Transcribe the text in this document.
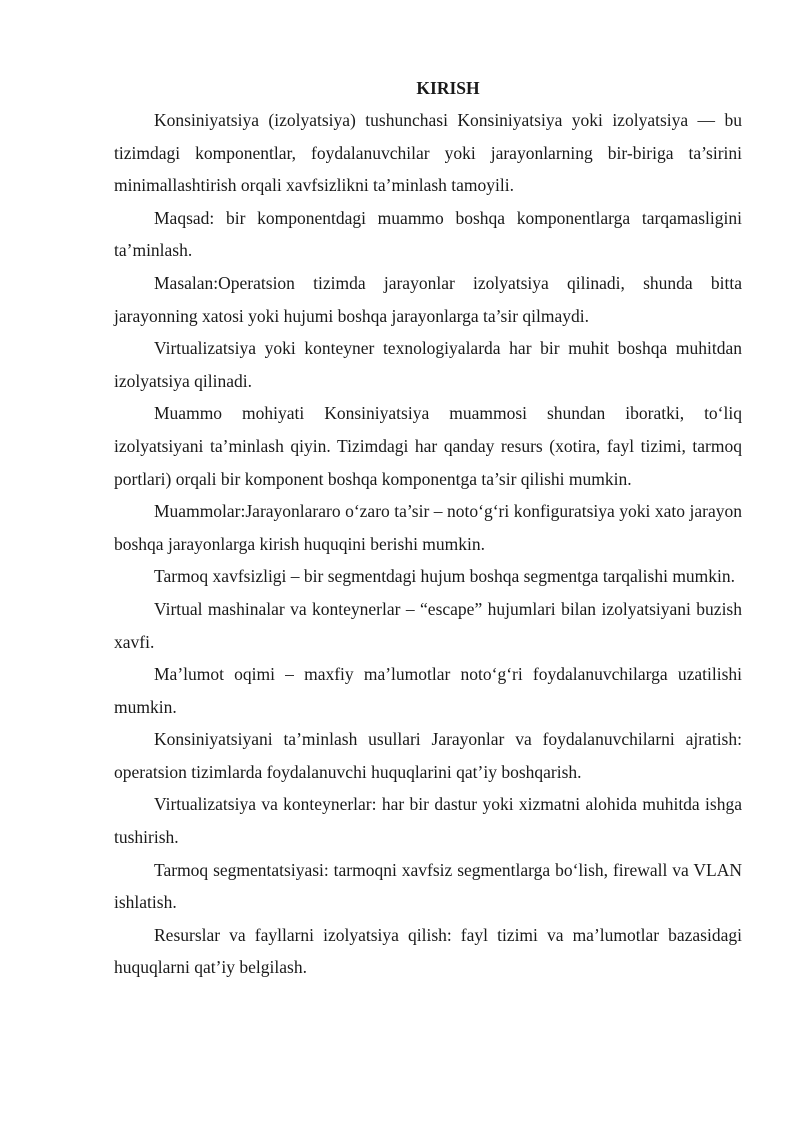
KIRISH

Konsiniyatsiya (izolyatsiya) tushunchasi Konsiniyatsiya yoki izolyatsiya — bu tizimdagi komponentlar, foydalanuvchilar yoki jarayonlarning bir-biriga ta’sirini minimallashtirish orqali xavfsizlikni ta’minlash tamoyili.

Maqsad: bir komponentdagi muammo boshqa komponentlarga tarqamasligini ta’minlash.

Masalan:Operatsion tizimda jarayonlar izolyatsiya qilinadi, shunda bitta jarayonning xatosi yoki hujumi boshqa jarayonlarga ta’sir qilmaydi.

Virtualizatsiya yoki konteyner texnologiyalarda har bir muhit boshqa muhitdan izolyatsiya qilinadi.

Muammo mohiyati Konsiniyatsiya muammosi shundan iboratki, to‘liq izolyatsiyani ta’minlash qiyin. Tizimdagi har qanday resurs (xotira, fayl tizimi, tarmoq portlari) orqali bir komponent boshqa komponentga ta’sir qilishi mumkin.

Muammolar:Jarayonlararo o‘zaro ta’sir – noto‘g‘ri konfiguratsiya yoki xato jarayon boshqa jarayonlarga kirish huquqini berishi mumkin.

Tarmoq xavfsizligi – bir segmentdagi hujum boshqa segmentga tarqalishi mumkin.

Virtual mashinalar va konteynerlar – “escape” hujumlari bilan izolyatsiyani buzish xavfi.

Ma’lumot oqimi – maxfiy ma’lumotlar noto‘g‘ri foydalanuvchilarga uzatilishi mumkin.

Konsiniyatsiyani ta’minlash usullari Jarayonlar va foydalanuvchilarni ajratish: operatsion tizimlarda foydalanuvchi huquqlarini qat’iy boshqarish.

Virtualizatsiya va konteynerlar: har bir dastur yoki xizmatni alohida muhitda ishga tushirish.

Tarmoq segmentatsiyasi: tarmoqni xavfsiz segmentlarga bo‘lish, firewall va VLAN ishlatish.

Resurslar va fayllarni izolyatsiya qilish: fayl tizimi va ma’lumotlar bazasidagi huquqlarni qat’iy belgilash.
